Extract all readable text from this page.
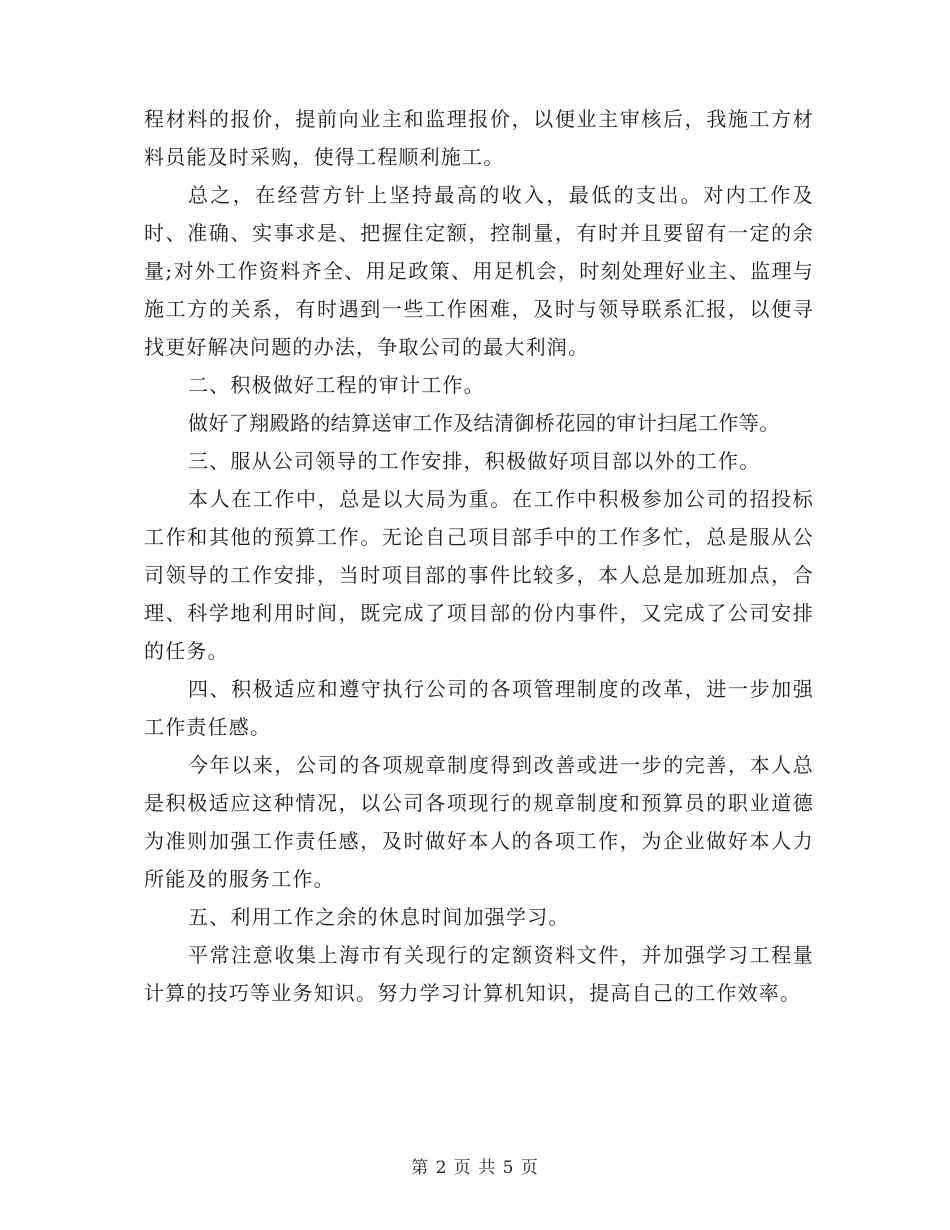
程材料的报价，提前向业主和监理报价，以便业主审核后，我施工方材料员能及时采购，使得工程顺利施工。

总之，在经营方针上坚持最高的收入，最低的支出。对内工作及时、准确、实事求是、把握住定额，控制量，有时并且要留有一定的余量;对外工作资料齐全、用足政策、用足机会，时刻处理好业主、监理与施工方的关系，有时遇到一些工作困难，及时与领导联系汇报，以便寻找更好解决问题的办法，争取公司的最大利润。

二、积极做好工程的审计工作。

做好了翔殿路的结算送审工作及结清御桥花园的审计扫尾工作等。

三、服从公司领导的工作安排，积极做好项目部以外的工作。

本人在工作中，总是以大局为重。在工作中积极参加公司的招投标工作和其他的预算工作。无论自己项目部手中的工作多忙，总是服从公司领导的工作安排，当时项目部的事件比较多，本人总是加班加点，合理、科学地利用时间，既完成了项目部的份内事件，又完成了公司安排的任务。

四、积极适应和遵守执行公司的各项管理制度的改革，进一步加强工作责任感。

今年以来，公司的各项规章制度得到改善或进一步的完善，本人总是积极适应这种情况，以公司各项现行的规章制度和预算员的职业道德为准则加强工作责任感，及时做好本人的各项工作，为企业做好本人力所能及的服务工作。

五、利用工作之余的休息时间加强学习。

平常注意收集上海市有关现行的定额资料文件，并加强学习工程量计算的技巧等业务知识。努力学习计算机知识，提高自己的工作效率。

第 2 页 共 5 页
